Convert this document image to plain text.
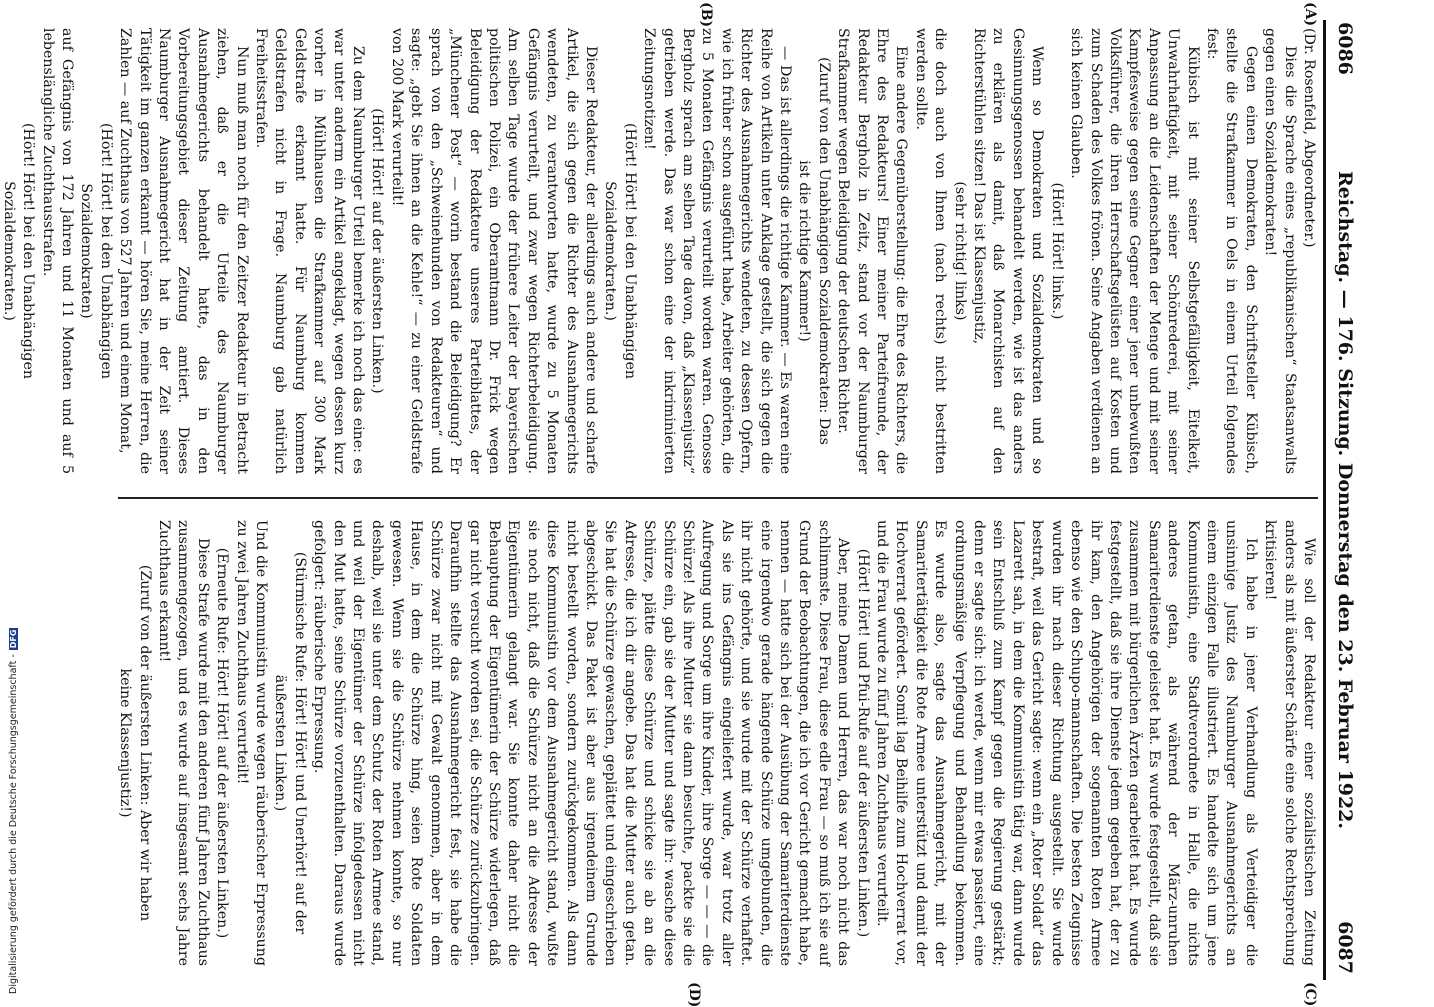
Digitalisierung gefördert durch die Deutsche Forschungsgemeinschaft -DFG
6086
Reichstag. — 176. Sitzung. Donnerstag den 23. Februar 1922.
6087
(A)
(B)
(C)
(D)

(Dr. Rosenfeld, Abgeordneter.)

Dies die Sprache eines „republikanischen“ Staatsanwalts gegen einen Sozialdemokraten!

Gegen einen Demokraten, den Schriftsteller Kübisch, stellte die Strafkammer in Oels in einem Urteil folgendes fest:

Kübisch ist mit seiner Selbstgefälligkeit, Eitelkeit, Unwahrhaftigkeit, mit seiner Schönrederei, mit seiner Anpassung an die Leidenschaften der Menge und mit seiner Kampfesweise gegen seine Gegner einer jener unbewußten Volksführer, die ihren Herrschaftsgelüsten auf Kosten und zum Schaden des Volkes frönen. Seine Angaben verdienen an sich keinen Glauben.

(Hört! Hört! links.)

Wenn so Demokraten und Sozialdemokraten und so Gesinnungsgenossen behandelt werden, wie ist das anders zu erklären als damit, daß Monarchisten auf den Richterstühlen sitzen! Das ist Klassenjustiz,

(sehr richtig! links)

die doch auch von Ihnen (nach rechts) nicht bestritten werden sollte.

Eine andere Gegenüberstellung: die Ehre des Richters, die Ehre des Redakteurs! Einer meiner Parteifreunde, der Redakteur Bergholz in Zeitz, stand vor der Naumburger Strafkammer wegen Beleidigung der deutschen Richter.

(Zuruf von den Unabhängigen Sozialdemokraten: Das ist die richtige Kammer!)

— Das ist allerdings die richtige Kammer. — Es waren eine Reihe von Artikeln unter Anklage gestellt, die sich gegen die Richter des Ausnahmegerichts wendeten, zu dessen Opfern, wie ich früher schon ausgeführt habe, Arbeiter gehörten, die zu 5 Monaten Gefängnis verurteilt worden waren. Genosse Bergholz sprach am selben Tage davon, daß „Klassenjustiz“ getrieben werde. Das war schon eine der inkriminierten Zeitungsnotizen!

(Hört! Hört! bei den Unabhängigen Sozialdemokraten.)

Dieser Redakteur, der allerdings auch andere und scharfe Artikel, die sich gegen die Richter des Ausnahmegerichts wendeten, zu verantworten hatte, wurde zu 5 Monaten Gefängnis verurteilt, und zwar wegen Richterbeleidigung. Am selben Tage wurde der frühere Leiter der bayerischen politischen Polizei, ein Oberamtmann Dr. Frick wegen Beleidigung der Redakteure unseres Parteiblattes, der „Münchener Post“ — worin bestand die Beleidigung? Er sprach von den „Schweinehunden von Redakteuren“ und sagte: „gebt Sie ihnen an die Kehle!“ — zu einer Geldstrafe von 200 Mark verurteilt!

(Hört! Hört! auf der äußersten Linken.)

Zu dem Naumburger Urteil bemerke ich noch das eine: es war unter anderm ein Artikel angeklagt, wegen dessen kurz vorher in Mühlhausen die Strafkammer auf 300 Mark Geldstrafe erkannt hatte. Für Naumburg kommen Geldstrafen nicht in Frage. Naumburg gab natürlich Freiheitsstrafen.

Nun muß man noch für den Zeitzer Redakteur in Betracht ziehen, daß er die Urteile des Naumburger Ausnahmegerichts behandelt hatte, das in den Vorbereitungsgebiet dieser Zeitung amtiert. Dieses Naumburger Ausnahmegericht hat in der Zeit seiner Tätigkeit im ganzen erkannt — hören Sie, meine Herren, die Zahlen — auf Zuchthaus von 527 Jahren und einem Monat,

(Hört! Hört! bei den Unabhängigen Sozialdemokraten)

auf Gefängnis von 172 Jahren und 11 Monaten und auf 5 lebenslängliche Zuchthausstrafen.

(Hört! Hört! bei den Unabhängigen Sozialdemokraten.)

Wie soll der Redakteur einer sozialistischen Zeitung anders als mit äußerster Schärfe eine solche Rechtsprechung kritisieren!

Ich habe in jener Verhandlung als Verteidiger die unsinnige Justiz des Naumburger Ausnahmegerichts an einem einzigen Falle illustriert. Es handelte sich um jene Kommunistin, eine Stadtverordnete in Halle, die nichts anderes getan, als während der März-unruhen Samariterdienste geleistet hat. Es wurde festgestellt, daß sie zusammen mit bürgerlichen Ärzten gearbeitet hat. Es wurde festgestellt, daß sie ihre Dienste jedem gegeben hat, der zu ihr kam, den Angehörigen der sogenannten Roten Armee ebenso wie den Schupo-mannschaften. Die besten Zeugnisse wurden ihr nach dieser Richtung ausgestellt. Sie wurde bestraft, weil das Gericht sagte: wenn ein „Roter Soldat“ das Lazarett sah, in dem die Kommunistin tätig war, dann wurde sein Entschluß zum Kampf gegen die Regierung gestärkt; denn er sagte sich: ich werde, wenn mir etwas passiert, eine ordnungsmäßige Verpflegung und Behandlung bekommen. Es wurde also, sagte das Ausnahmegericht, mit der Samaritertätigkeit die Rote Armee unterstützt und damit der Hochverrat gefördert. Somit lag Beihilfe zum Hochverrat vor, und die Frau wurde zu fünf Jahren Zuchthaus verurteilt.

(Hört! Hört! und Pfui-Rufe auf der äußersten Linken.)

Aber, meine Damen und Herren, das war noch nicht das schlimmste. Diese Frau, diese edle Frau — so muß ich sie auf Grund der Beobachtungen, die ich vor Gericht gemacht habe, nennen — hatte sich bei der Ausübung der Samariterdienste eine irgendwo gerade hängende Schürze umgebunden, die ihr nicht gehörte, und sie wurde mit der Schürze verhaftet. Als sie ins Gefängnis eingeliefert wurde, war trotz aller Aufregung und Sorge um ihre Kinder, ihre Sorge — — — die Schürze! Als ihre Mutter sie dann besuchte, packte sie die Schürze ein, gab sie der Mutter und sagte ihr: wasche diese Schürze, plätte diese Schürze und schicke sie ab an die Adresse, die ich dir angebe. Das hat die Mutter auch getan. Sie hat die Schürze gewaschen, geplättet und eingeschrieben abgeschickt. Das Paket ist aber aus irgendeinem Grunde nicht bestellt worden, sondern zurückgekommen. Als dann diese Kommunistin vor dem Ausnahmegericht stand, wußte sie noch nicht, daß die Schürze nicht an die Adresse der Eigentümerin gelangt war. Sie konnte daher nicht die Behauptung der Eigentümerin der Schürze widerlegen, daß gar nicht versucht worden sei, die Schürze zurückzubringen. Daraufhin stellte das Ausnahmegericht fest, sie habe die Schürze zwar nicht mit Gewalt genommen, aber in dem Hause, in dem die Schürze hing, seien Rote Soldaten gewesen. Wenn sie die Schürze nehmen konnte, so nur deshalb, weil sie unter dem Schutz der Roten Armee stand, und weil der Eigentümer der Schürze infolgedessen nicht den Mut hatte, seine Schürze vorzuenthalten. Daraus wurde gefolgert: räuberische Erpressung.

(Stürmische Rufe: Hört! Hört! und Unerhört! auf der äußersten Linken.)

Und die Kommunistin wurde wegen räuberischer Erpressung zu zwei Jahren Zuchthaus verurteilt!

(Erneute Rufe: Hört! Hört! auf der äußersten Linken.)

Diese Strafe wurde mit den anderen fünf Jahren Zuchthaus zusammengezogen, und es wurde auf insgesamt sechs Jahre Zuchthaus erkannt!

(Zuruf von der äußersten Linken: Aber wir haben keine Klassenjustiz!)
